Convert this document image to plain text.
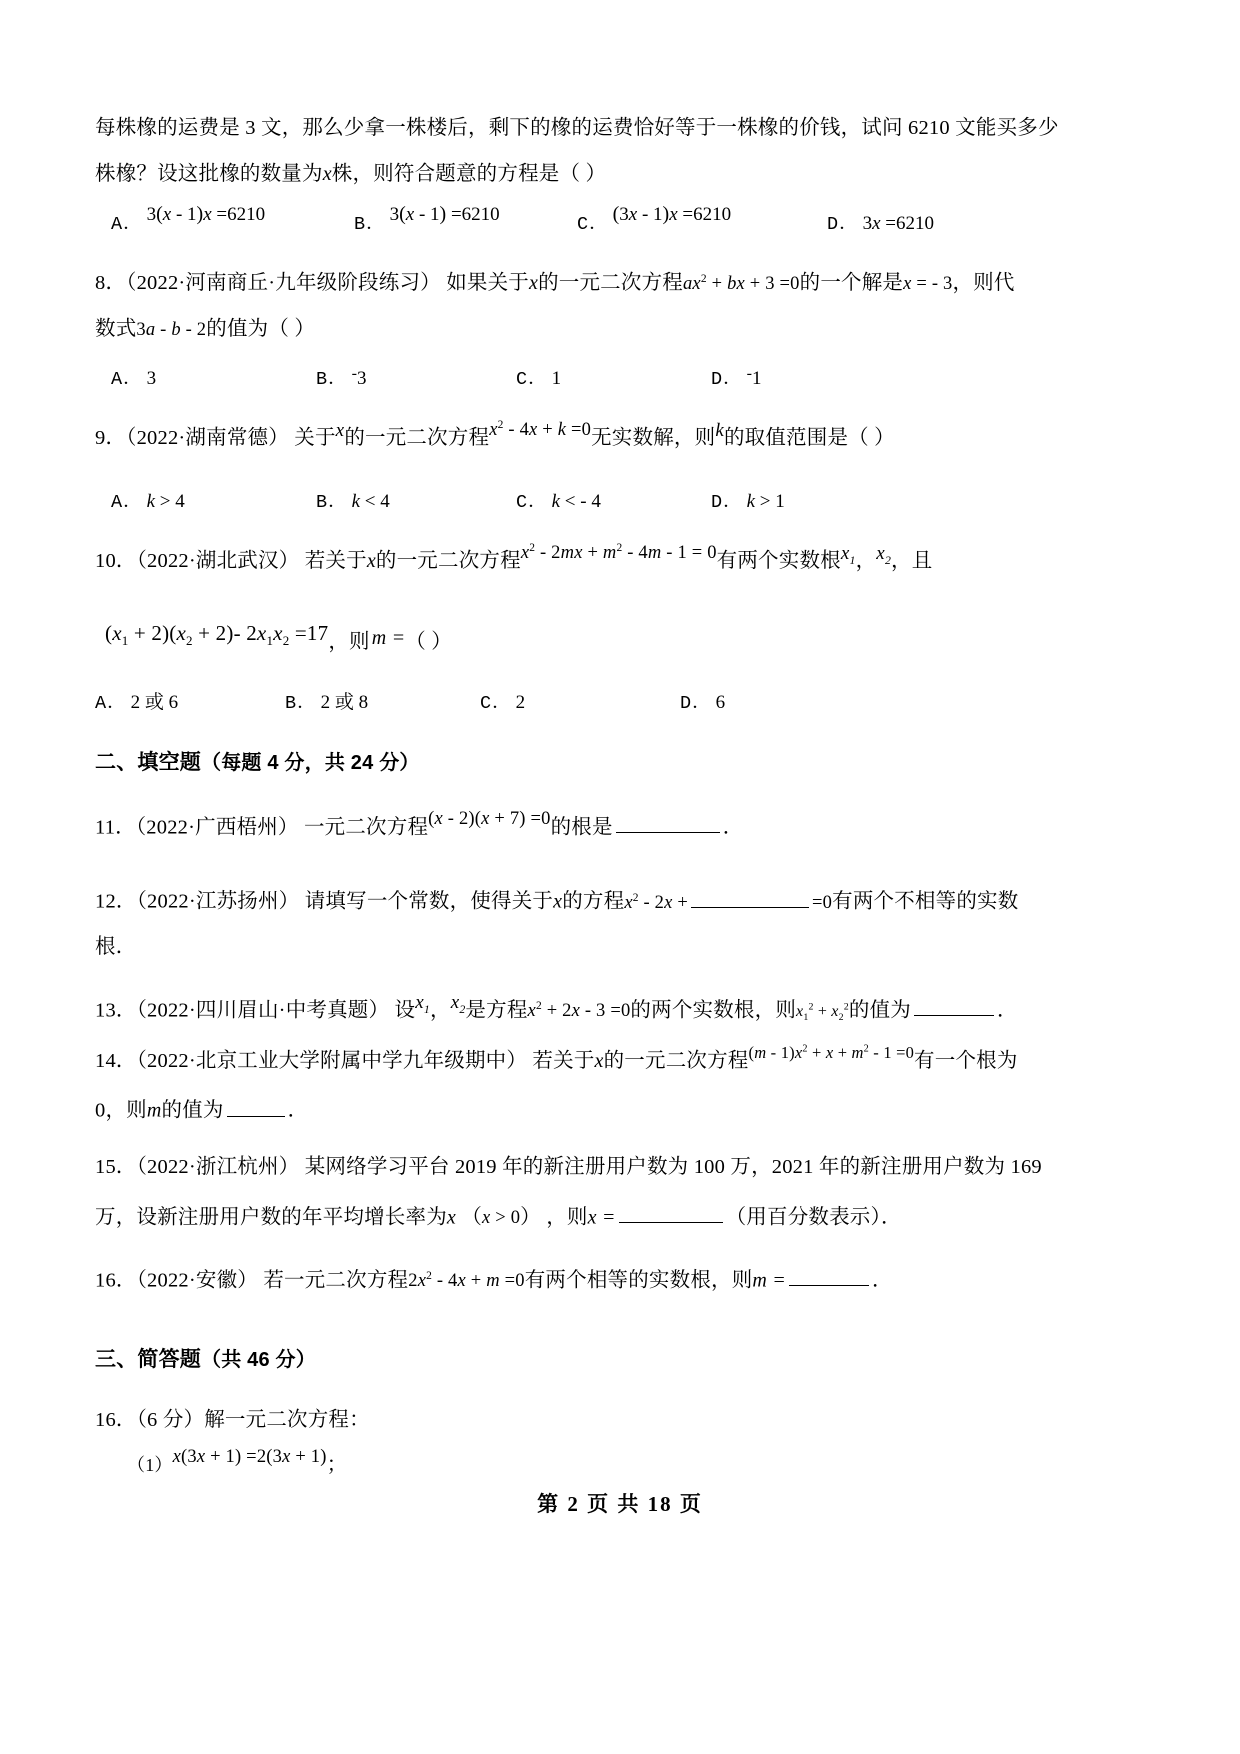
每株橡的运费是 3 文，那么少拿一株楼后，剩下的橡的运费恰好等于一株橡的价钱，试问 6210 文能买多少
株橡？设这批橡的数量为x株，则符合题意的方程是（ ）
A． 3(x - 1)x =6210	B． 3(x - 1) =6210	C． (3x - 1)x =6210	D． 3x =6210
8．（2022·河南商丘·九年级阶段练习） 如果关于x的一元二次方程$ax^2$ + bx + 3 =0的一个解是x = - 3，则代
数式3a - b - 2的值为（ ）
A． 3	B． -3	C． 1	D． -1
9．（2022·湖南常德） 关于x的一元二次方程$x^2 - 4x + k =0$无实数解，则k的取值范围是（ ）
A． k > 4	B． k < 4	C． k < - 4	D． k > 1
10．（2022·湖北武汉） 若关于x的一元二次方程$x^2 - 2mx + m^2 - 4m - 1 = 0$有两个实数根$x_1$，$x_2$，且
$(x_1 + 2)(x_2 + 2)-$ $2x_1x_2 =17$，则 m =（ ）
A． 2 或 6	B． 2 或 8	C． 2	D． 6
二、填空题（每题 4 分，共 24 分）
11．（2022·广西梧州） 一元二次方程(x - 2)(x + 7) =0的根是	．
12．（2022·江苏扬州） 请填写一个常数，使得关于x的方程$x^2 - 2x$ +	=0有两个不相等的实数
根．
13．（2022·四川眉山·中考真题） 设$x_1$，$x_2$是方程$x^2 + 2x - 3 =0$的两个实数根，则$x_1^2 + x_2^2$的值为	．
14．（2022·北京工业大学附属中学九年级期中） 若关于x的一元二次方程$(m - 1)x^2 + x + m^2 - 1 =0$有一个根为
0，则m的值为	．
15．（2022·浙江杭州） 某网络学习平台 2019 年的新注册用户数为 100 万，2021 年的新注册用户数为 169
万，设新注册用户数的年平均增长率为x （x > 0） ，则x =	（用百分数表示）．
16．（2022·安徽） 若一元二次方程$2x^2 - 4x + m =0$有两个相等的实数根，则m =	．
三、简答题（共 46 分）
16．（6 分）解一元二次方程：
（1）x(3x + 1) =2(3x + 1)；
第 2 页 共 18 页
